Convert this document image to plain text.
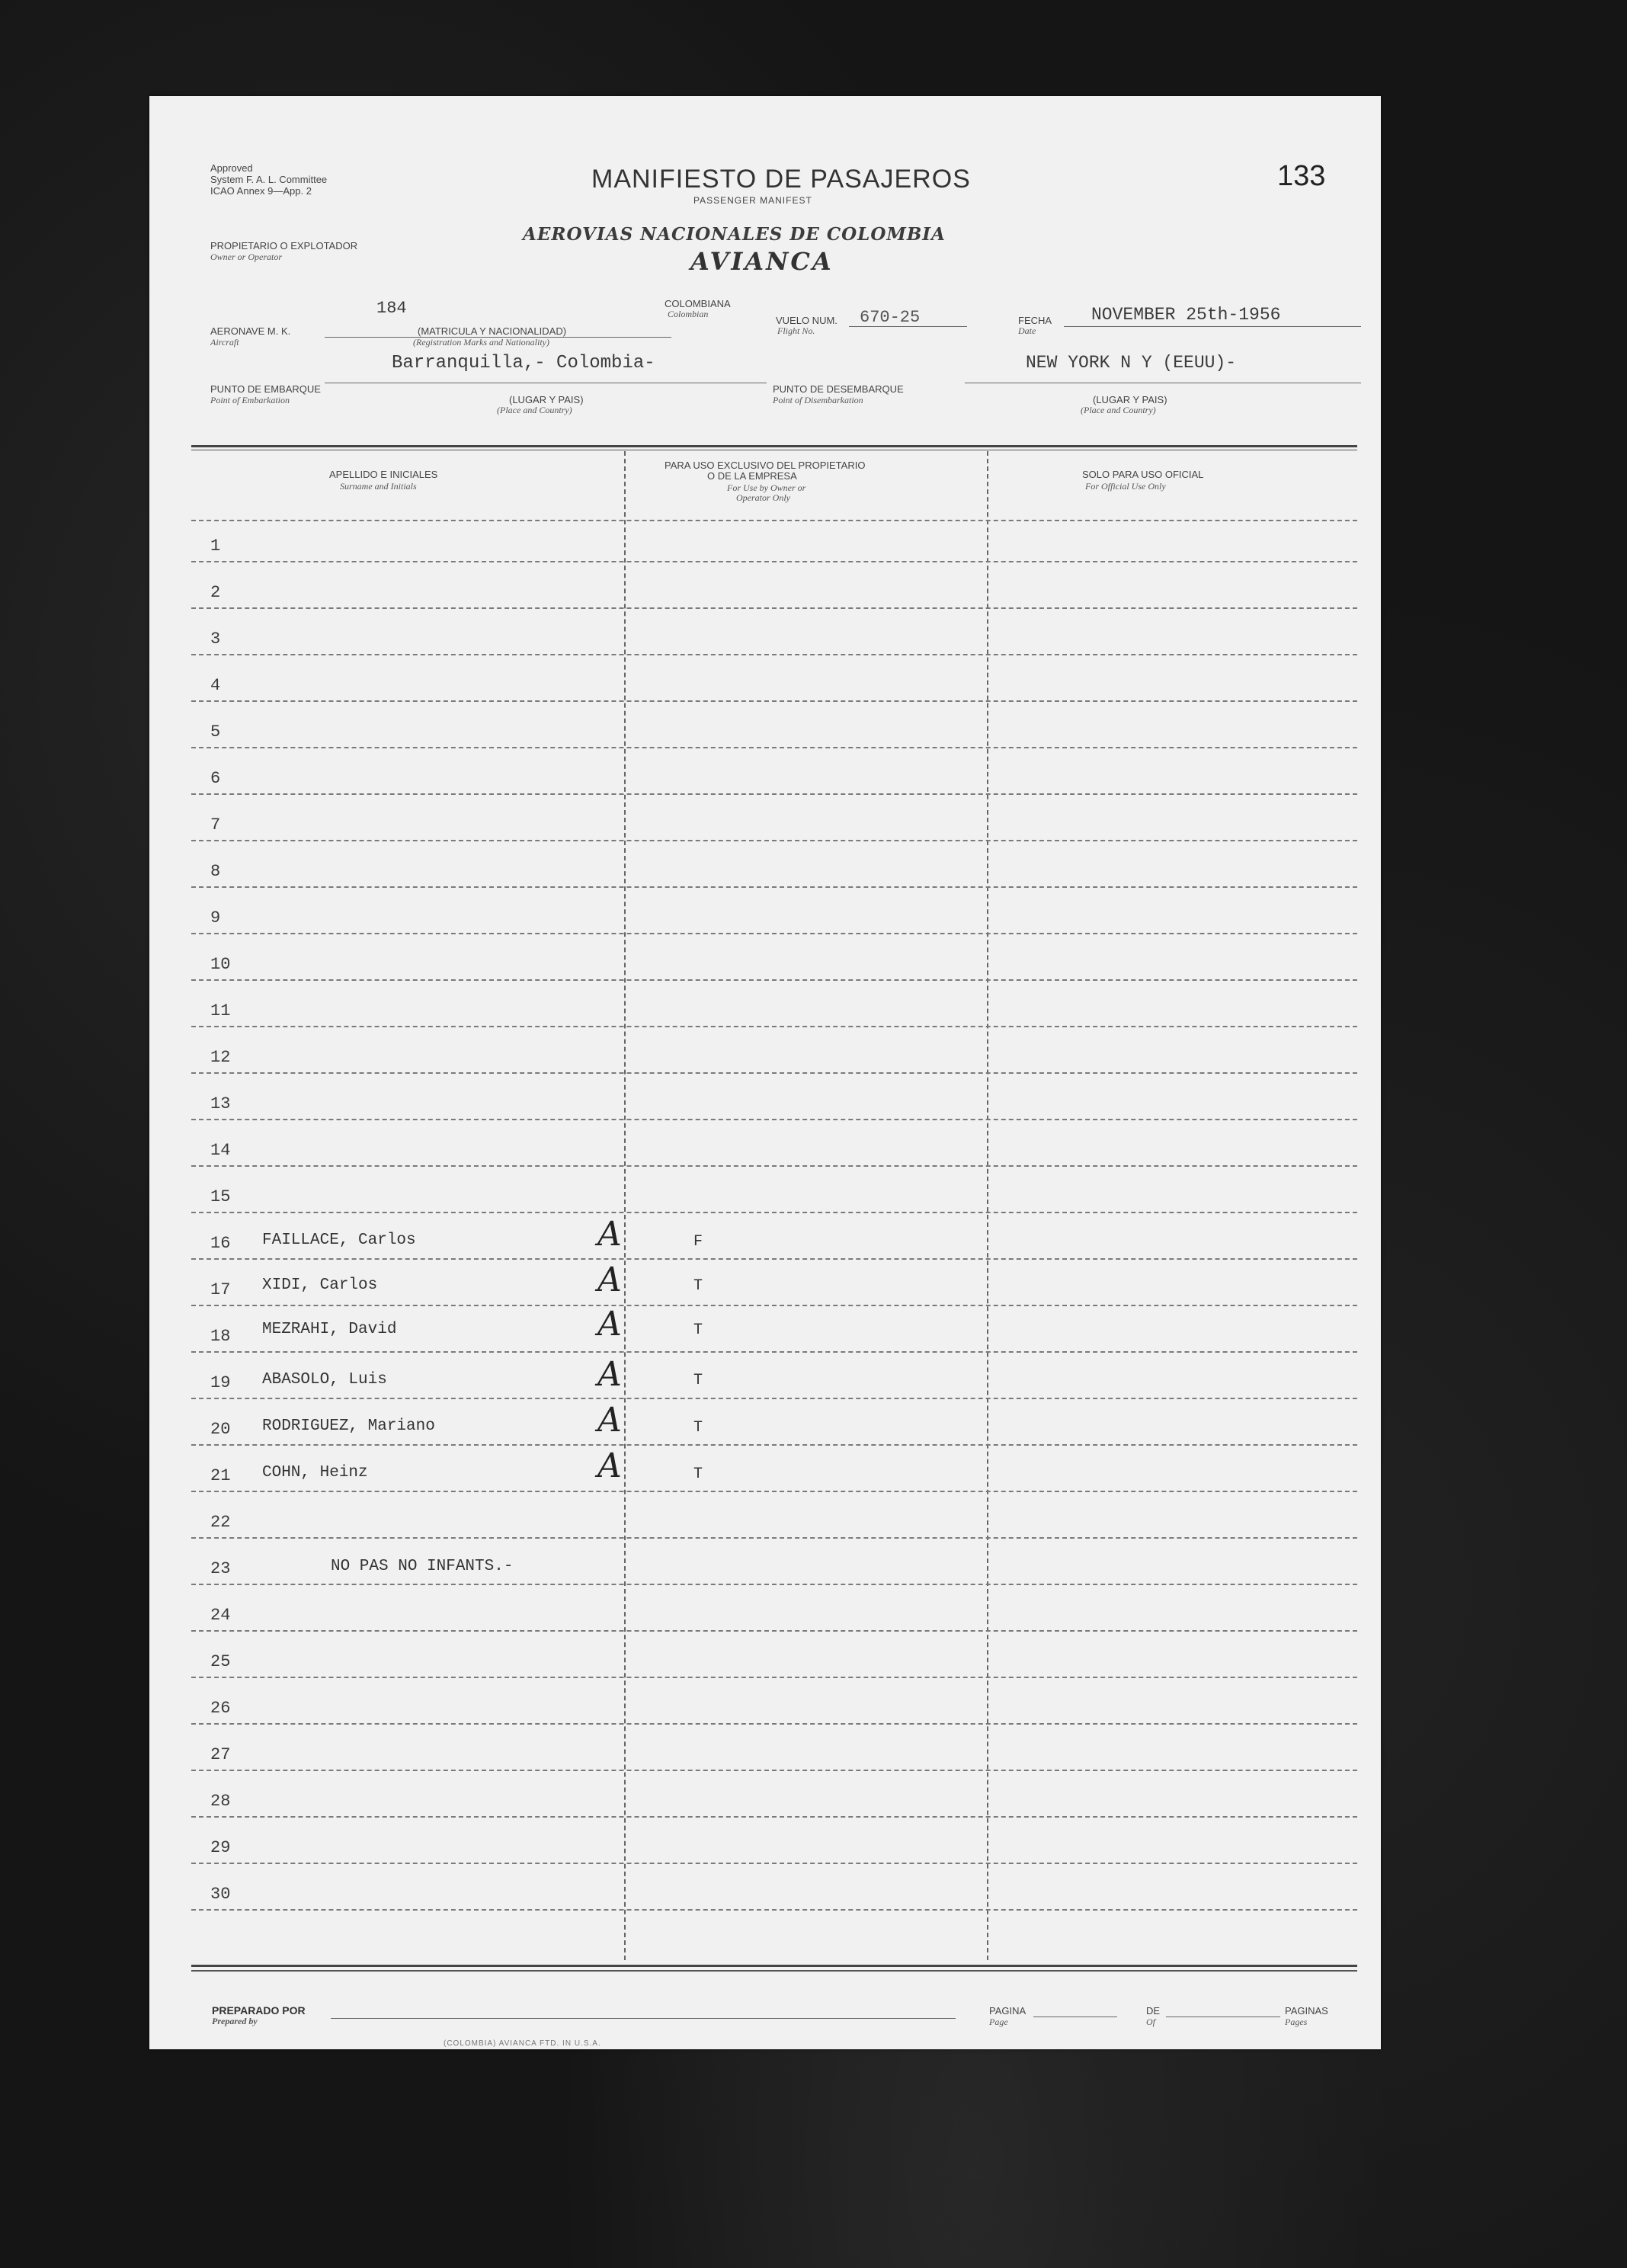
Approved
System F. A. L. Committee
ICAO Annex 9—App. 2	MANIFIESTO DE PASAJEROS
PASSENGER MANIFEST
133
PROPIETARIO O EXPLOTADOR
Owner or Operator
AEROVIAS NACIONALES DE COLOMBIA
AVIANCA
AERONAVE M. K.
Aircraft
184
(MATRICULA Y NACIONALIDAD)
(Registration Marks and Nationality)
COLOMBIANA
Colombian
VUELO NUM.
Flight No.
670-25	FECHA
Date
NOVEMBER 25th-1956
Barranquilla,- Colombia-	NEW YORK N Y (EEUU)-
PUNTO DE EMBARQUE
Point of Embarkation	(LUGAR Y PAIS)
(Place and Country)
PUNTO DE DESEMBARQUE
Point of Disembarkation	(LUGAR Y PAIS)
(Place and Country)
APELLIDO E INICIALES
Surname and Initials
PARA USO EXCLUSIVO DEL PROPIETARIO
O DE LA EMPRESA
For Use by Owner or
Operator Only
SOLO PARA USO OFICIAL
For Official Use Only
1
2
3
4
5
6
7
8
9
10
11
12
13
14
15
16 FAILLACE, Carlos	A	F
17 XIDI, Carlos	A	T
18 MEZRAHI, David	A	T
19 ABASOLO, Luis	A	T
20 RODRIGUEZ, Mariano	A	T
21 COHN, Heinz	A	T
22
23	NO PAS NO INFANTS.-
24
25
26
27
28
29
30
PREPARADO POR
Prepared by
PAGINA
Page
DE
Of
PAGINAS
Pages
(COLOMBIA) AVIANCA FTD. IN U.S.A.
